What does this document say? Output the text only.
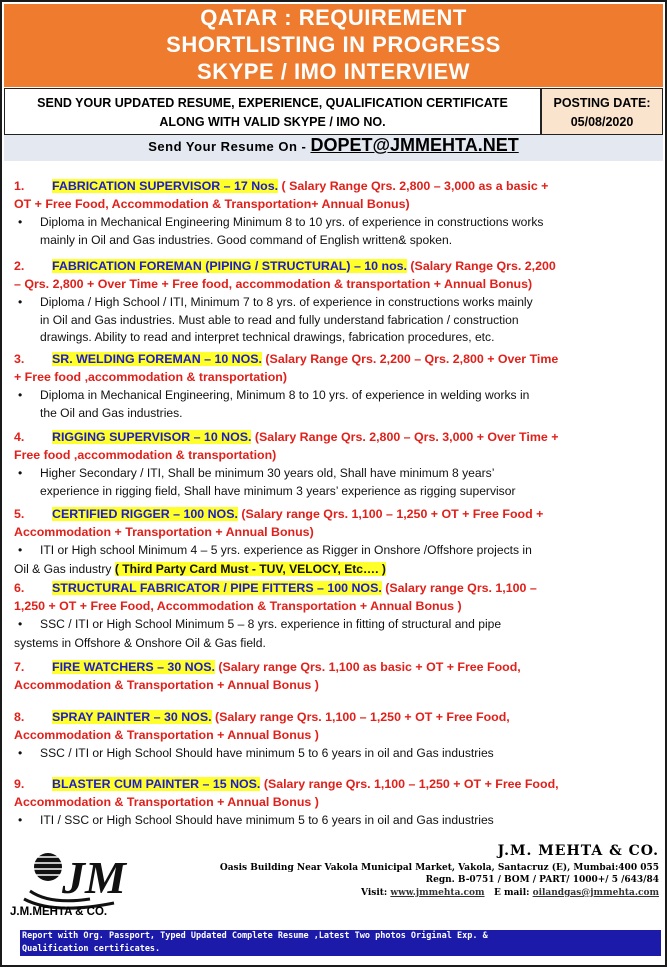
QATAR : REQUIREMENT
SHORTLISTING IN PROGRESS
SKYPE / IMO INTERVIEW
SEND YOUR UPDATED RESUME, EXPERIENCE, QUALIFICATION CERTIFICATE
ALONG WITH VALID SKYPE / IMO NO.
POSTING DATE:
05/08/2020
Send Your Resume On - DOPET@JMMEHTA.NET
1. FABRICATION SUPERVISOR – 17 Nos. ( Salary Range Qrs. 2,800 – 3,000 as a basic +
OT + Free Food, Accommodation & Transportation+ Annual Bonus)
• Diploma in Mechanical Engineering Minimum 8 to 10 yrs. of experience in constructions works
mainly in Oil and Gas industries. Good command of English written& spoken.
2. FABRICATION FOREMAN (PIPING / STRUCTURAL) – 10 nos. (Salary Range Qrs. 2,200
– Qrs. 2,800 + Over Time + Free food, accommodation & transportation + Annual Bonus)
• Diploma / High School / ITI, Minimum 7 to 8 yrs. of experience in constructions works mainly
in Oil and Gas industries. Must able to read and fully understand fabrication / construction
drawings. Ability to read and interpret technical drawings, fabrication procedures, etc.
3. SR. WELDING FOREMAN – 10 NOS. (Salary Range Qrs. 2,200 – Qrs. 2,800 + Over Time
+ Free food ,accommodation & transportation)
• Diploma in Mechanical Engineering, Minimum 8 to 10 yrs. of experience in welding works in
the Oil and Gas industries.
4. RIGGING SUPERVISOR – 10 NOS. (Salary Range Qrs. 2,800 – Qrs. 3,000 + Over Time +
Free food ,accommodation & transportation)
• Higher Secondary / ITI, Shall be minimum 30 years old, Shall have minimum 8 years’
experience in rigging field, Shall have minimum 3 years’ experience as rigging supervisor
5. CERTIFIED RIGGER – 100 NOS. (Salary range Qrs. 1,100 – 1,250 + OT + Free Food +
Accommodation + Transportation + Annual Bonus)
• ITI or High school Minimum 4 – 5 yrs. experience as Rigger in Onshore /Offshore projects in
Oil & Gas industry ( Third Party Card Must - TUV, VELOCY, Etc…. )
6. STRUCTURAL FABRICATOR / PIPE FITTERS – 100 NOS. (Salary range Qrs. 1,100 –
1,250 + OT + Free Food, Accommodation & Transportation + Annual Bonus )
• SSC / ITI or High School Minimum 5 – 8 yrs. experience in fitting of structural and pipe
systems in Offshore & Onshore Oil & Gas field.
7. FIRE WATCHERS – 30 NOS. (Salary range Qrs. 1,100 as basic + OT + Free Food,
Accommodation & Transportation + Annual Bonus )
8. SPRAY PAINTER – 30 NOS. (Salary range Qrs. 1,100 – 1,250 + OT + Free Food,
Accommodation & Transportation + Annual Bonus )
• SSC / ITI or High School Should have minimum 5 to 6 years in oil and Gas industries
9. BLASTER CUM PAINTER – 15 NOS. (Salary range Qrs. 1,100 – 1,250 + OT + Free Food,
Accommodation & Transportation + Annual Bonus )
• ITI / SSC or High School Should have minimum 5 to 6 years in oil and Gas industries
JM
J.M.MEHTA & CO.
J.M. MEHTA & CO.
Oasis Building Near Vakola Municipal Market, Vakola, Santacruz (E), Mumbai:400 055
Regn. B-0751 / BOM / PART/ 1000+/ 5 /643/84
Visit: www.jmmehta.com   E mail: oilandgas@jmmehta.com
Report with Org. Passport, Typed Updated Complete Resume ,Latest Two photos Original Exp. &
Qualification certificates.
